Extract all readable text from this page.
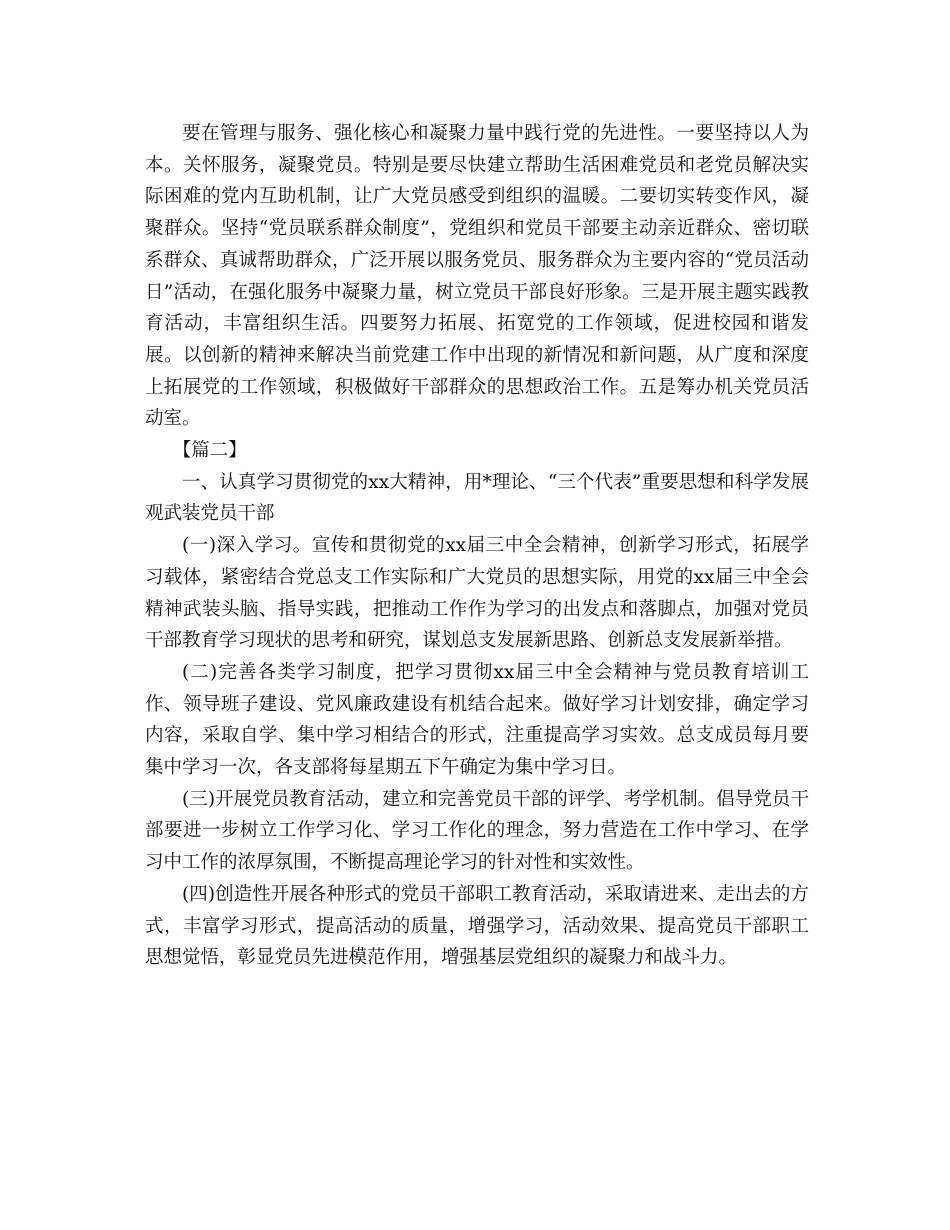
要在管理与服务、强化核心和凝聚力量中践行党的先进性。一要坚持以人为本。关怀服务，凝聚党员。特别是要尽快建立帮助生活困难党员和老党员解决实际困难的党内互助机制，让广大党员感受到组织的温暖。二要切实转变作风，凝聚群众。坚持“党员联系群众制度”，党组织和党员干部要主动亲近群众、密切联系群众、真诚帮助群众，广泛开展以服务党员、服务群众为主要内容的“党员活动日”活动，在强化服务中凝聚力量，树立党员干部良好形象。三是开展主题实践教育活动，丰富组织生活。四要努力拓展、拓宽党的工作领域，促进校园和谐发展。以创新的精神来解决当前党建工作中出现的新情况和新问题，从广度和深度上拓展党的工作领域，积极做好干部群众的思想政治工作。五是筹办机关党员活动室。

【篇二】

一、认真学习贯彻党的xx大精神，用*理论、“三个代表”重要思想和科学发展观武装党员干部

(一)深入学习。宣传和贯彻党的xx届三中全会精神，创新学习形式，拓展学习载体，紧密结合党总支工作实际和广大党员的思想实际，用党的xx届三中全会精神武装头脑、指导实践，把推动工作作为学习的出发点和落脚点，加强对党员干部教育学习现状的思考和研究，谋划总支发展新思路、创新总支发展新举措。

(二)完善各类学习制度，把学习贯彻xx届三中全会精神与党员教育培训工作、领导班子建设、党风廉政建设有机结合起来。做好学习计划安排，确定学习内容，采取自学、集中学习相结合的形式，注重提高学习实效。总支成员每月要集中学习一次，各支部将每星期五下午确定为集中学习日。

(三)开展党员教育活动，建立和完善党员干部的评学、考学机制。倡导党员干部要进一步树立工作学习化、学习工作化的理念，努力营造在工作中学习、在学习中工作的浓厚氛围，不断提高理论学习的针对性和实效性。

(四)创造性开展各种形式的党员干部职工教育活动，采取请进来、走出去的方式，丰富学习形式，提高活动的质量，增强学习，活动效果、提高党员干部职工思想觉悟，彰显党员先进模范作用，增强基层党组织的凝聚力和战斗力。
